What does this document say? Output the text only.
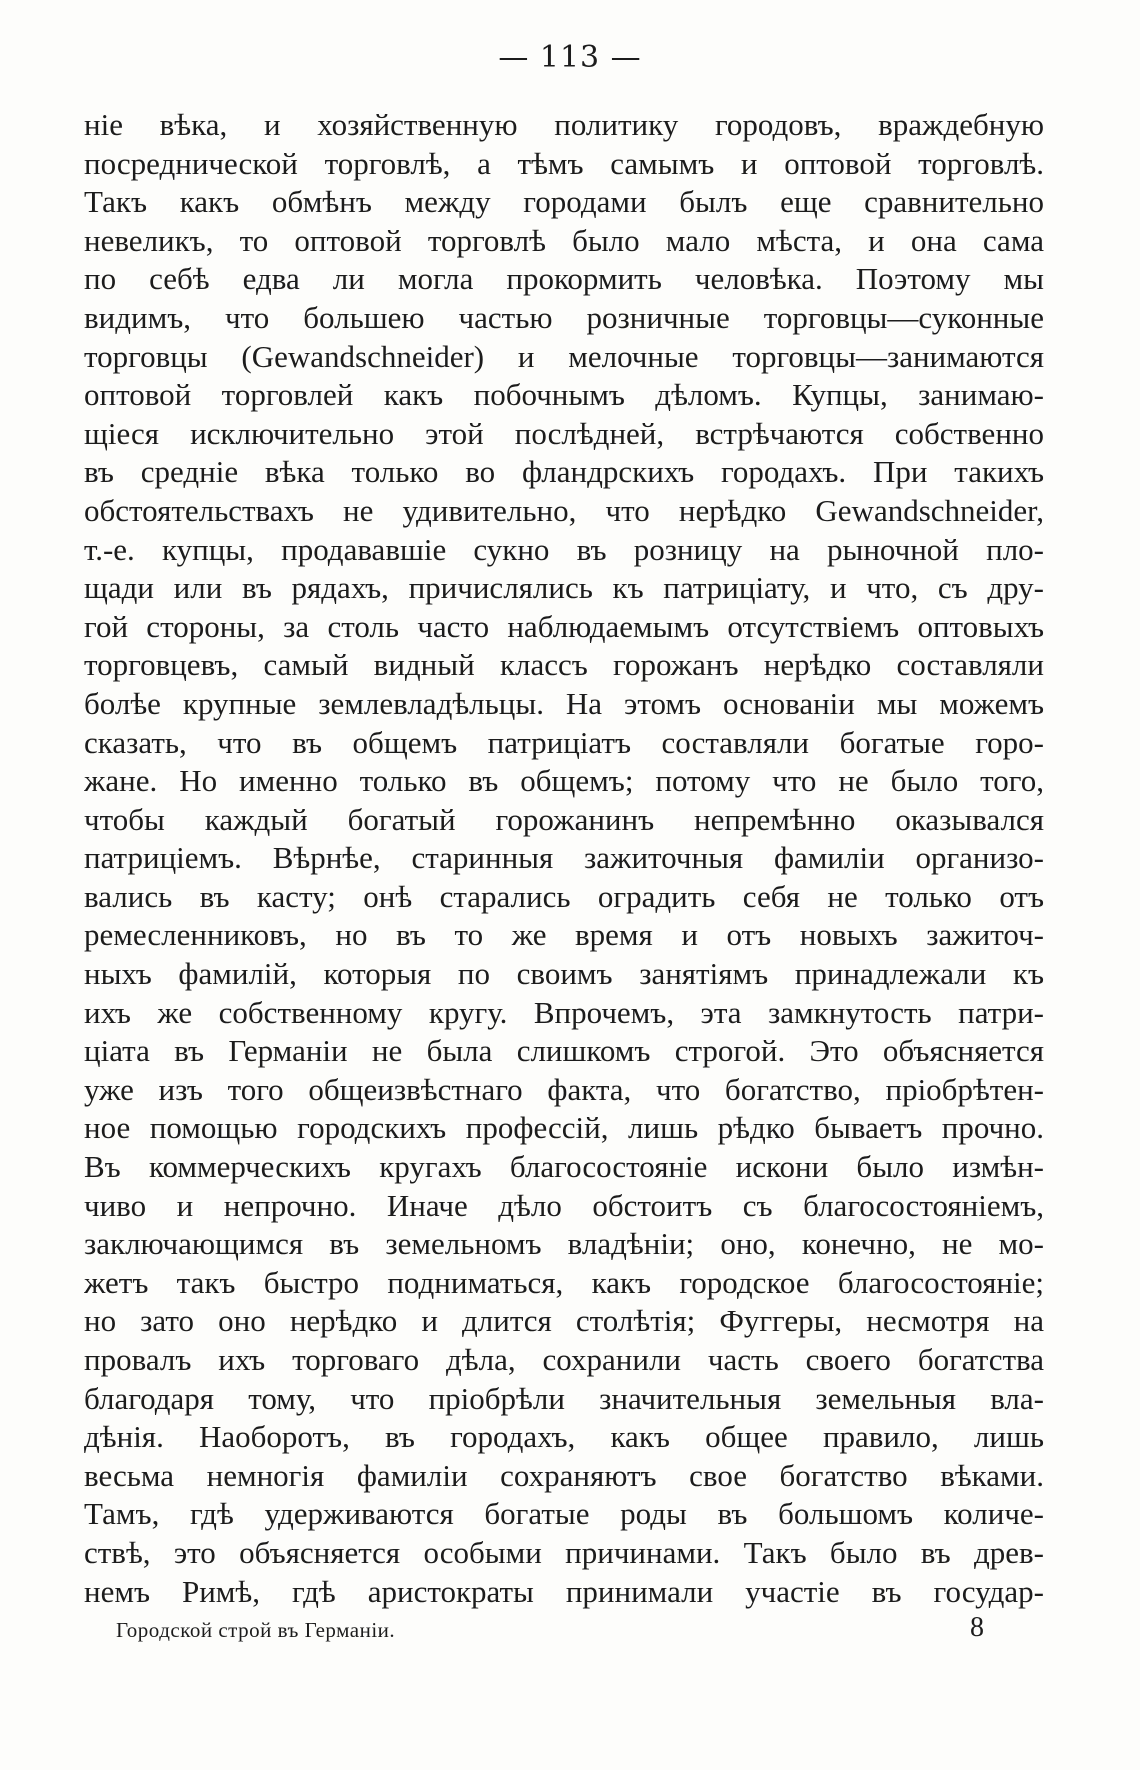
— 113 —
ніе вѣка, и хозяйственную политику городовъ, враждебную
посреднической торговлѣ, а тѣмъ самымъ и оптовой торговлѣ.
Такъ какъ обмѣнъ между городами былъ еще сравнительно
невеликъ, то оптовой торговлѣ было мало мѣста, и она сама
по себѣ едва ли могла прокормить человѣка. Поэтому мы
видимъ, что большею частью розничные торговцы—суконные
торговцы (Gewandschneider) и мелочные торговцы—занимаются
оптовой торговлей какъ побочнымъ дѣломъ. Купцы, занимаю-
щіеся исключительно этой послѣдней, встрѣчаются собственно
въ средніе вѣка только во фландрскихъ городахъ. При такихъ
обстоятельствахъ не удивительно, что нерѣдко Gewandschneider,
т.-е. купцы, продававшіе сукно въ розницу на рыночной пло-
щади или въ рядахъ, причислялись къ патриціату, и что, съ дру-
гой стороны, за столь часто наблюдаемымъ отсутствіемъ оптовыхъ
торговцевъ, самый видный классъ горожанъ нерѣдко составляли
болѣе крупные землевладѣльцы. На этомъ основаніи мы можемъ
сказать, что въ общемъ патриціатъ составляли богатые горо-
жане. Но именно только въ общемъ; потому что не было того,
чтобы каждый богатый горожанинъ непремѣнно оказывался
патриціемъ. Вѣрнѣе, старинныя зажиточныя фамиліи организо-
вались въ касту; онѣ старались оградить себя не только отъ
ремесленниковъ, но въ то же время и отъ новыхъ зажиточ-
ныхъ фамилій, которыя по своимъ занятіямъ принадлежали къ
ихъ же собственному кругу. Впрочемъ, эта замкнутость патри-
ціата въ Германіи не была слишкомъ строгой. Это объясняется
уже изъ того общеизвѣстнаго факта, что богатство, пріобрѣтен-
ное помощью городскихъ профессій, лишь рѣдко бываетъ прочно.
Въ коммерческихъ кругахъ благосостояніе искони было измѣн-
чиво и непрочно. Иначе дѣло обстоитъ съ благосостояніемъ,
заключающимся въ земельномъ владѣніи; оно, конечно, не мо-
жетъ такъ быстро подниматься, какъ городское благосостояніе;
но зато оно нерѣдко и длится столѣтія; Фуггеры, несмотря на
провалъ ихъ торговаго дѣла, сохранили часть своего богатства
благодаря тому, что пріобрѣли значительныя земельныя вла-
дѣнія. Наоборотъ, въ городахъ, какъ общее правило, лишь
весьма немногія фамиліи сохраняютъ свое богатство вѣками.
Тамъ, гдѣ удерживаются богатые роды въ большомъ количе-
ствѣ, это объясняется особыми причинами. Такъ было въ древ-
немъ Римѣ, гдѣ аристократы принимали участіе въ государ-
Городской строй въ Германіи.	8
